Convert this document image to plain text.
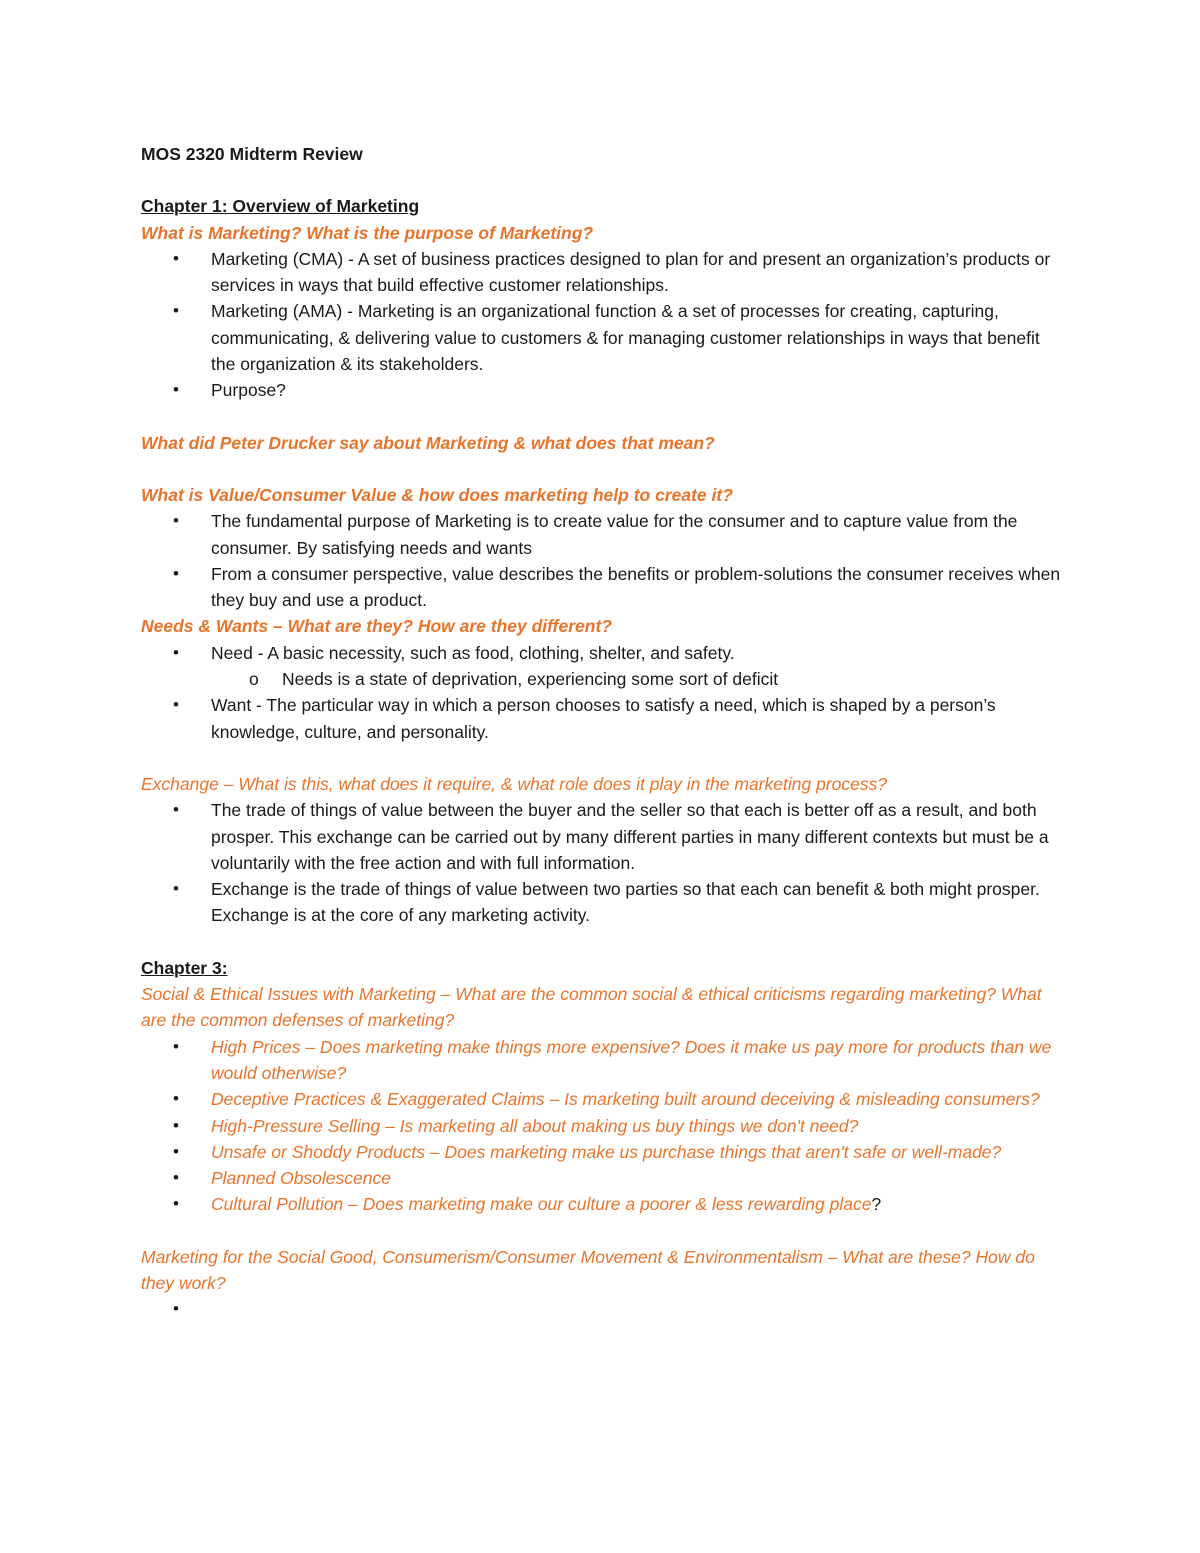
MOS 2320 Midterm Review

Chapter 1: Overview of Marketing

What is Marketing? What is the purpose of Marketing?

• Marketing (CMA) - A set of business practices designed to plan for and present an organization’s products or services in ways that build effective customer relationships.
• Marketing (AMA) - Marketing is an organizational function & a set of processes for creating, capturing, communicating, & delivering value to customers & for managing customer relationships in ways that benefit the organization & its stakeholders.
• Purpose?

What did Peter Drucker say about Marketing & what does that mean?

What is Value/Consumer Value & how does marketing help to create it?

• The fundamental purpose of Marketing is to create value for the consumer and to capture value from the consumer. By satisfying needs and wants
• From a consumer perspective, value describes the benefits or problem-solutions the consumer receives when they buy and use a product.

Needs & Wants – What are they? How are they different?

• Need - A basic necessity, such as food, clothing, shelter, and safety.
o Needs is a state of deprivation, experiencing some sort of deficit
• Want - The particular way in which a person chooses to satisfy a need, which is shaped by a person’s knowledge, culture, and personality.

Exchange – What is this, what does it require, & what role does it play in the marketing process?

• The trade of things of value between the buyer and the seller so that each is better off as a result, and both prosper. This exchange can be carried out by many different parties in many different contexts but must be a voluntarily with the free action and with full information.
• Exchange is the trade of things of value between two parties so that each can benefit & both might prosper. Exchange is at the core of any marketing activity.

Chapter 3:

Social & Ethical Issues with Marketing – What are the common social & ethical criticisms regarding marketing? What are the common defenses of marketing?

• High Prices – Does marketing make things more expensive? Does it make us pay more for products than we would otherwise?
• Deceptive Practices & Exaggerated Claims – Is marketing built around deceiving & misleading consumers?
• High-Pressure Selling – Is marketing all about making us buy things we don't need?
• Unsafe or Shoddy Products – Does marketing make us purchase things that aren't safe or well-made?
• Planned Obsolescence
• Cultural Pollution – Does marketing make our culture a poorer & less rewarding place?

Marketing for the Social Good, Consumerism/Consumer Movement & Environmentalism – What are these? How do they work?

•
